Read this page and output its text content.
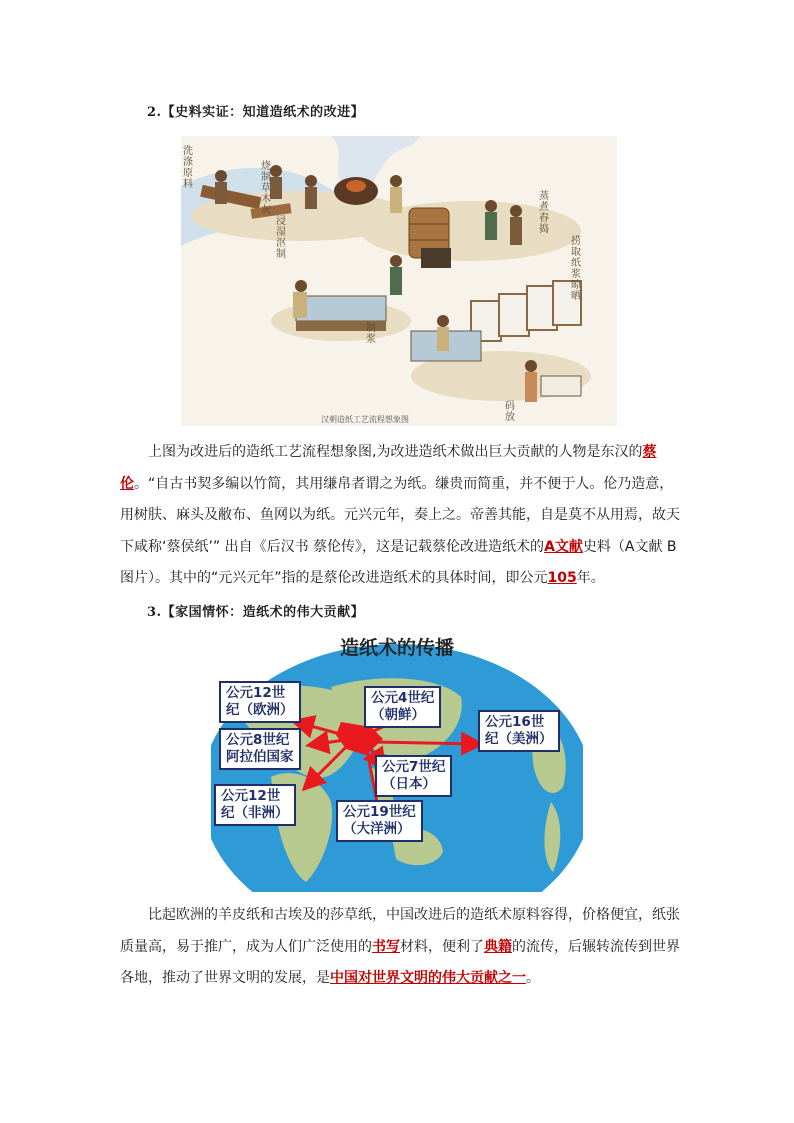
2.【史料实证：知道造纸术的改进】
洗涤原料
浸湿沤制
烧制草木灰
蒸煮舂捣
制浆
捞取纸浆晾晒
码放
汉朝造纸工艺流程想象图

上图为改进后的造纸工艺流程想象图,为改进造纸术做出巨大贡献的人物是东汉的蔡伦。“自古书契多编以竹简，其用缣帛者谓之为纸。缣贵而简重，并不便于人。伦乃造意，用树肤、麻头及敝布、鱼网以为纸。元兴元年，奏上之。帝善其能，自是莫不从用焉，故天下咸称‘蔡侯纸’” 出自《后汉书 蔡伦传》，这是记载蔡伦改进造纸术的A文献史料（A文献 B图片）。其中的“元兴元年”指的是蔡伦改进造纸术的具体时间，即公元105年。

3.【家国情怀：造纸术的伟大贡献】
造纸术的传播
公元12世
纪（欧洲）
公元4世纪
（朝鲜）	公元16世
纪（美洲）
公元8世纪
阿拉伯国家
公元7世纪
（日本）
公元12世
纪（非洲）	公元19世纪
（大洋洲）

比起欧洲的羊皮纸和古埃及的莎草纸，中国改进后的造纸术原料容得，价格便宜，纸张质量高，易于推广，成为人们广泛使用的书写材料，便利了典籍的流传，后辗转流传到世界各地，推动了世界文明的发展，是中国对世界文明的伟大贡献之一。
